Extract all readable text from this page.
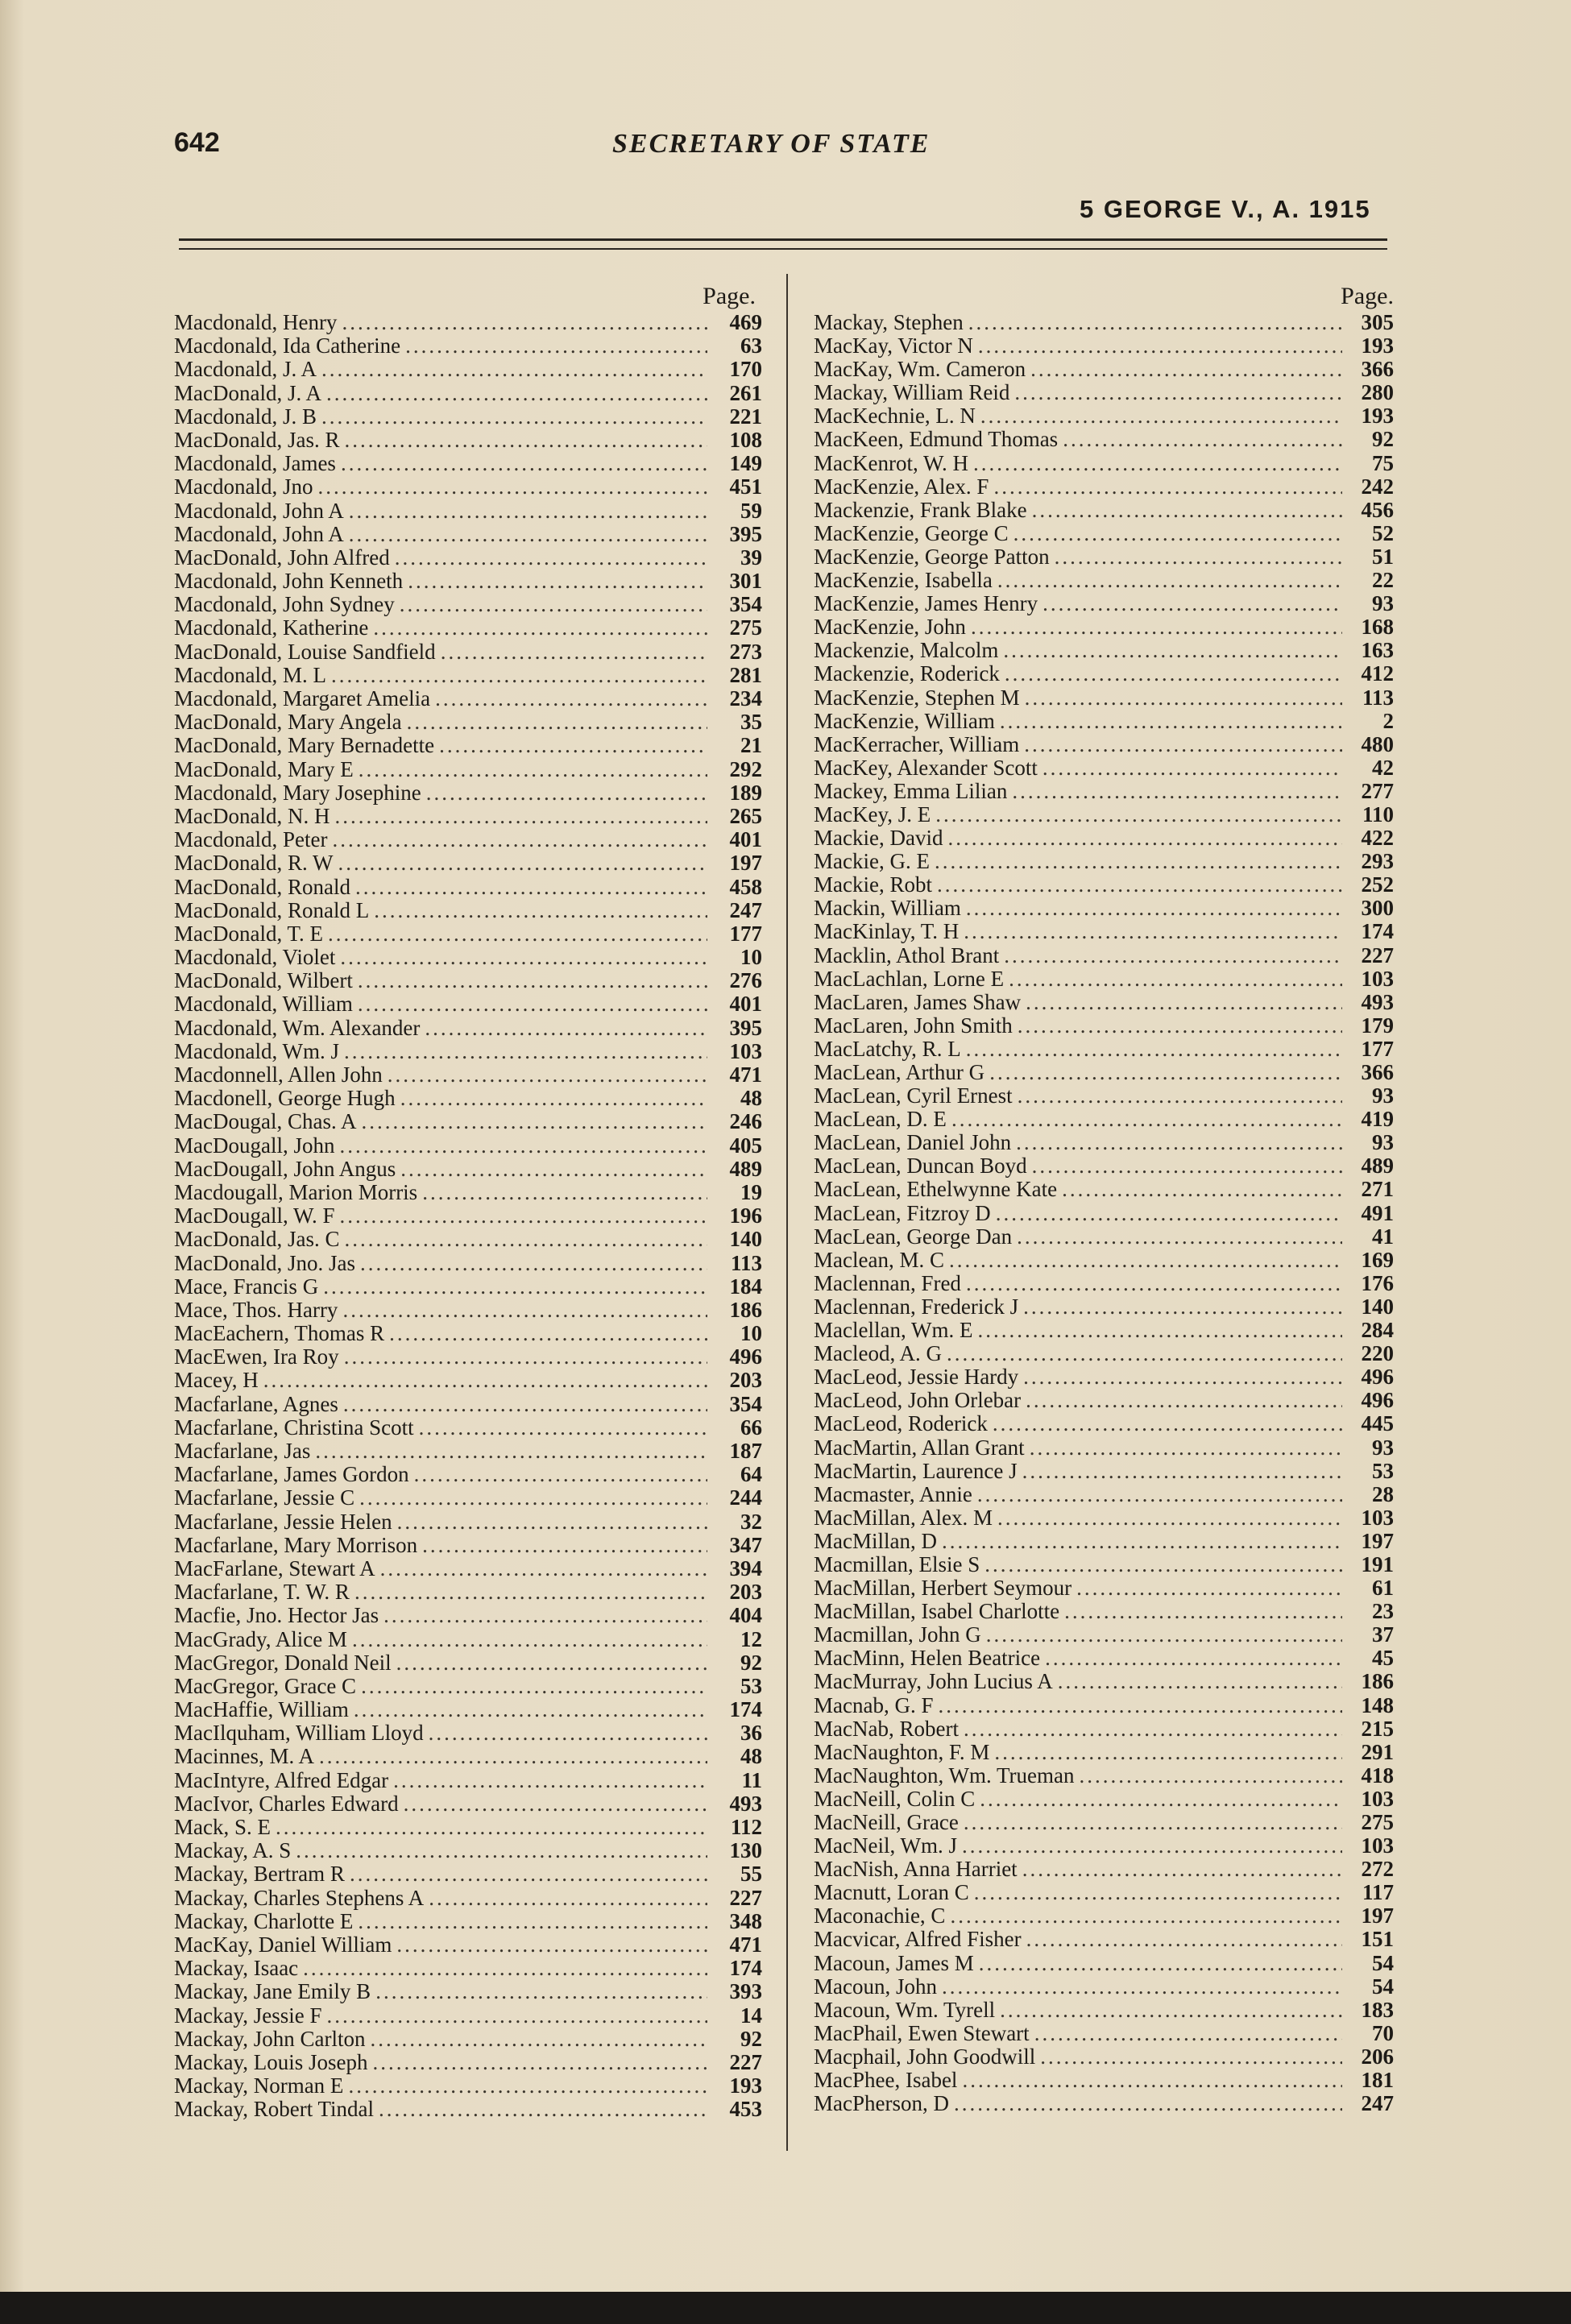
642	SECRETARY OF STATE
5 GEORGE V., A. 1915
Page.
Macdonald, Henry .....	469
Macdonald, Ida Catherine .....	63
Macdonald, J. A .....	170
MacDonald, J. A .....	261
Macdonald, J. B .....	221
MacDonald, Jas. R .....	108
Macdonald, James .....	149
Macdonald, Jno .....	451
Macdonald, John A .....	59
Macdonald, John A .....	395
MacDonald, John Alfred .....	39
Macdonald, John Kenneth .....	301
Macdonald, John Sydney .....	354
Macdonald, Katherine .....	275
MacDonald, Louise Sandfield .....	273
Macdonald, M. L .....	281
Macdonald, Margaret Amelia .....	234
MacDonald, Mary Angela .....	35
MacDonald, Mary Bernadette .....	21
MacDonald, Mary E .....	292
Macdonald, Mary Josephine .....	189
MacDonald, N. H .....	265
Macdonald, Peter .....	401
MacDonald, R. W .....	197
MacDonald, Ronald .....	458
MacDonald, Ronald L .....	247
MacDonald, T. E .....	177
Macdonald, Violet .....	10
MacDonald, Wilbert .....	276
Macdonald, William .....	401
Macdonald, Wm. Alexander .....	395
Macdonald, Wm. J .....	103
Macdonnell, Allen John .....	471
Macdonell, George Hugh .....	48
MacDougal, Chas. A .....	246
MacDougall, John .....	405
MacDougall, John Angus .....	489
Macdougall, Marion Morris .....	19
MacDougall, W. F .....	196
MacDonald, Jas. C .....	140
MacDonald, Jno. Jas .....	113
Mace, Francis G .....	184
Mace, Thos. Harry .....	186
MacEachern, Thomas R .....	10
MacEwen, Ira Roy .....	496
Macey, H .....	203
Macfarlane, Agnes .....	354
Macfarlane, Christina Scott .....	66
Macfarlane, Jas .....	187
Macfarlane, James Gordon .....	64
Macfarlane, Jessie C .....	244
Macfarlane, Jessie Helen .....	32
Macfarlane, Mary Morrison .....	347
MacFarlane, Stewart A .....	394
Macfarlane, T. W. R .....	203
Macfie, Jno. Hector Jas .....	404
MacGrady, Alice M .....	12
MacGregor, Donald Neil .....	92
MacGregor, Grace C .....	53
MacHaffie, William .....	174
MacIlquham, William Lloyd .....	36
Macinnes, M. A .....	48
MacIntyre, Alfred Edgar .....	11
MacIvor, Charles Edward .....	493
Mack, S. E .....	112
Mackay, A. S .....	130
Mackay, Bertram R .....	55
Mackay, Charles Stephens A .....	227
Mackay, Charlotte E .....	348
MacKay, Daniel William .....	471
Mackay, Isaac .....	174
Mackay, Jane Emily B .....	393
Mackay, Jessie F .....	14
Mackay, John Carlton .....	92
Mackay, Louis Joseph .....	227
Mackay, Norman E .....	193
Mackay, Robert Tindal .....	453
Page.
Mackay, Stephen .....	305
MacKay, Victor N .....	193
MacKay, Wm. Cameron .....	366
Mackay, William Reid .....	280
MacKechnie, L. N .....	193
MacKeen, Edmund Thomas .....	92
MacKenrot, W. H .....	75
MacKenzie, Alex. F .....	242
Mackenzie, Frank Blake .....	456
MacKenzie, George C .....	52
MacKenzie, George Patton .....	51
MacKenzie, Isabella .....	22
MacKenzie, James Henry .....	93
MacKenzie, John .....	168
Mackenzie, Malcolm .....	163
Mackenzie, Roderick .....	412
MacKenzie, Stephen M .....	113
MacKenzie, William .....	2
MacKerracher, William .....	480
MacKey, Alexander Scott .....	42
Mackey, Emma Lilian .....	277
MacKey, J. E .....	110
Mackie, David .....	422
Mackie, G. E .....	293
Mackie, Robt .....	252
Mackin, William .....	300
MacKinlay, T. H .....	174
Macklin, Athol Brant .....	227
MacLachlan, Lorne E .....	103
MacLaren, James Shaw .....	493
MacLaren, John Smith .....	179
MacLatchy, R. L .....	177
MacLean, Arthur G .....	366
MacLean, Cyril Ernest .....	93
MacLean, D. E .....	419
MacLean, Daniel John .....	93
MacLean, Duncan Boyd .....	489
MacLean, Ethelwynne Kate .....	271
MacLean, Fitzroy D .....	491
MacLean, George Dan .....	41
Maclean, M. C .....	169
Maclennan, Fred .....	176
Maclennan, Frederick J .....	140
Maclellan, Wm. E .....	284
Macleod, A. G .....	220
MacLeod, Jessie Hardy .....	496
MacLeod, John Orlebar .....	496
MacLeod, Roderick .....	445
MacMartin, Allan Grant .....	93
MacMartin, Laurence J .....	53
Macmaster, Annie .....	28
MacMillan, Alex. M .....	103
MacMillan, D .....	197
Macmillan, Elsie S .....	191
MacMillan, Herbert Seymour .....	61
MacMillan, Isabel Charlotte .....	23
Macmillan, John G .....	37
MacMinn, Helen Beatrice .....	45
MacMurray, John Lucius A .....	186
Macnab, G. F .....	148
MacNab, Robert .....	215
MacNaughton, F. M .....	291
MacNaughton, Wm. Trueman .....	418
MacNeill, Colin C .....	103
MacNeill, Grace .....	275
MacNeil, Wm. J .....	103
MacNish, Anna Harriet .....	272
Macnutt, Loran C .....	117
Maconachie, C .....	197
Macvicar, Alfred Fisher .....	151
Macoun, James M .....	54
Macoun, John .....	54
Macoun, Wm. Tyrell .....	183
MacPhail, Ewen Stewart .....	70
Macphail, John Goodwill .....	206
MacPhee, Isabel .....	181
MacPherson, D .....	247
